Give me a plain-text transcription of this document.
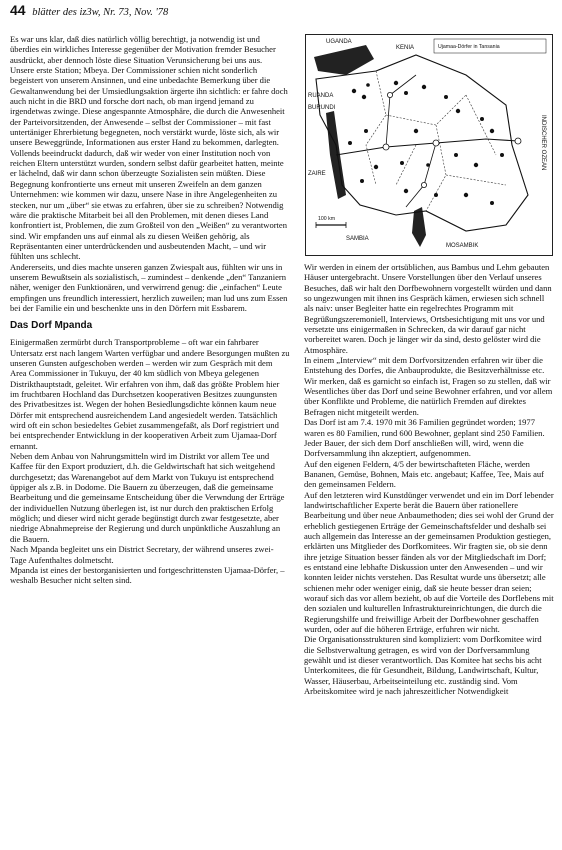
44 blätter des iz3w, Nr. 73, Nov. '78

Es war uns klar, daß dies natürlich völlig berechtigt, ja notwendig ist und überdies ein wirkliches Interesse gegenüber der Motivation fremder Besucher ausdrückt, aber dennoch löste diese Situation Verunsicherung bei uns aus.

Unsere erste Station; Mbeya. Der Commissioner schien nicht sonderlich begeistert von unserem Ansinnen, und eine unbedachte Bemerkung über die Gewaltanwendung bei der Umsiedlungsaktion ärgerte ihn sichtlich: er fahre doch auch nicht in die BRD und forsche dort nach, ob man irgend jemand zu irgendetwas zwinge. Diese angespannte Atmosphäre, die durch die Anwesenheit der Parteivorsitzenden, der Anwesende – selbst der Commissioner – mit fast untertäniger Ehrerbietung begegneten, noch verstärkt wurde, löste sich, als wir unsere Beweggründe, Informationen aus erster Hand zu bekommen, darlegten. Vollends beeindruckt dadurch, daß wir weder von einer Institution noch von reichen Eltern unterstützt wurden, sondern selbst dafür gearbeitet hatten, meinte er lächelnd, daß wir dann schon überzeugte Sozialisten sein müßten. Diese Begegnung konfrontierte uns erneut mit unseren Zweifeln an dem ganzen Unternehmen: wie kommen wir dazu, unsere Nase in ihre Angelegenheiten zu stecken, nur um „über“ sie etwas zu erfahren, über sie zu schreiben? Notwendig wäre die praktische Mitarbeit bei all den Problemen, mit denen dieses Land konfrontiert ist, Problemen, die zum Großteil von den „Weißen“ zu verantworten sind. Wir empfanden uns auf einmal als zu diesen Weißen gehörig, als Repräsentanten einer unterdrückenden und ausbeutenden Macht, – und wir fühlten uns schlecht.

Andererseits, und dies machte unseren ganzen Zwiespalt aus, fühlten wir uns in unserem Bewußtsein als sozialistisch, – zumindest – denkende „den“ Tanzaniern näher, weniger den Funktionären, und verwirrend genug: die „einfachen“ Leute empfingen uns freundlich interessiert, herzlich zuweilen; man lud uns zum Essen bei der Familie ein und beschenkte uns in den Dörfern mit Essbarem.

Das Dorf Mpanda

Einigermaßen zermürbt durch Transportprobleme – oft war ein fahrbarer Untersatz erst nach langem Warten verfügbar und andere Besorgungen mußten zu unseren Gunsten aufgeschoben werden – werden wir zum Gespräch mit dem Area Commissioner in Tukuyu, der 40 km südlich von Mbeya gelegenen Distrikthauptstadt, geleitet. Wir erfahren von ihm, daß das größte Problem hier im fruchtbaren Hochland das Durchsetzen kooperativen Besitzes zuungunsten des Privatbesitzes ist. Wegen der hohen Besiedlungsdichte können kaum neue Dörfer mit entsprechend ausreichendem Land angesiedelt werden. Tatsächlich wird oft ein schon besiedeltes Gebiet zusammengefaßt, als Dorf registriert und bei entsprechender Entwicklung in der kooperativen Arbeit zum Ujamaa-Dorf ernannt.

Neben dem Anbau von Nahrungsmitteln wird im Distrikt vor allem Tee und Kaffee für den Export produziert, d.h. die Geldwirtschaft hat sich weitgehend durchgesetzt; das Warenangebot auf dem Markt von Tukuyu ist entsprechend üppiger als z.B. in Dodome. Die Bauern zu überzeugen, daß die gemeinsame Bearbeitung und die gemeinsame Entscheidung über die Verwndung der Erträge der individuellen Nutzung überlegen ist, ist nur durch den praktischen Erfolg möglich; und dieser wird nicht gerade begünstigt durch zwar festgesetzte, aber niedrige Abnahmepreise der Regierung und durch unpünktliche Auszahlung an die Bauern.

Nach Mpanda begleitet uns ein District Secretary, der während unseres zwei-Tage Aufenthaltes dolmetscht.

Mpanda ist eines der bestorganisierten und fortgeschrittensten Ujamaa-Dörfer, – weshalb Besucher nicht selten sind.

Ujamaa-Dörfer in Tansania
UGANDA
KENIA
RUANDA
BURUNDI
ZAIRE
SAMBIA
MOSAMBIK
INDISCHER OZEAN
100 km

Wir werden in einem der ortsüblichen, aus Bambus und Lehm gebauten Häuser untergebracht. Unsere Vorstellungen über den Verlauf unseres Besuches, daß wir halt den Dorfbewohnern vorgestellt würden und dann so ungezwungen mit ihnen ins Gespräch kämen, erwiesen sich schnell als naiv: unser Begleiter hatte ein regelrechtes Programm mit Begrüßungszeremoniell, Interviews, Ortsbesichtigung mit uns vor und versetzte uns einigermaßen in Schrecken, da wir darauf gar nicht vorbereitet waren. Doch je länger wir da sind, desto gelöster wird die Atmosphäre.

In einem „Interview“ mit dem Dorfvorsitzenden erfahren wir über die Entstehung des Dorfes, die Anbauprodukte, die Besitzverhältnisse etc. Wir merken, daß es garnicht so einfach ist, Fragen so zu stellen, daß wir Wesentliches über das Dorf und seine Bewohner erfahren, und vor allem über Konflikte und Probleme, die natürlich Fremden auf direktes Befragen nicht mitgeteilt werden.

Das Dorf ist am 7.4. 1970 mit 36 Familien gegründet worden; 1977 waren es 80 Familien, rund 600 Bewohner, geplant sind 250 Familien. Jeder Bauer, der sich dem Dorf anschließen will, wird, wenn die Dorfversammlung ihn akzeptiert, aufgenommen.

Auf den eigenen Feldern, 4/5 der bewirtschafteten Fläche, werden Bananen, Gemüse, Bohnen, Mais etc. angebaut; Kaffee, Tee, Mais auf den gemeinsamen Feldern.

Auf den letzteren wird Kunstdünger verwendet und ein im Dorf lebender landwirtschaftlicher Experte berät die Bauern über rationellere Bearbeitung und über neue Anbaumethoden; dies sei wohl der Grund der erheblich gestiegenen Erträge der Gemeinschaftsfelder und deshalb sei auch allgemein das Interesse an der gemeinsamen Produktion gestiegen, erklärten uns Mitglieder des Dorfkomitees. Wir fragten sie, ob sie denn ihre jetzige Situation besser fänden als vor der Mitgliedschaft im Dorf; es entstand eine lebhafte Diskussion unter den Anwesenden – und wir konnten leider nichts verstehen. Das Resultat wurde uns übersetzt; alle schienen mehr oder weniger einig, daß sie heute besser dran seien; worauf sich das vor allem bezieht, ob auf die Vorteile des Dorflebens mit den sozialen und kulturellen Infrastruktureinrichtungen, die durch die Regierungshilfe und freiwillige Arbeit der Dorfbewohner geschaffen wurden, oder auf die höheren Erträge, erfuhren wir nicht.

Die Organisationsstrukturen sind kompliziert: vom Dorfkomitee wird die Selbstverwaltung getragen, es wird von der Dorfversammlung gewählt und ist dieser verantwortlich. Das Komitee hat sechs bis acht Unterkomitees, die für Gesundheit, Bildung, Landwirtschaft, Kultur, Wasser, Häuserbau, Arbeitseinteilung etc. zuständig sind. Vom Arbeitskomitee wird je nach jahreszeitlicher Notwendigkeit
